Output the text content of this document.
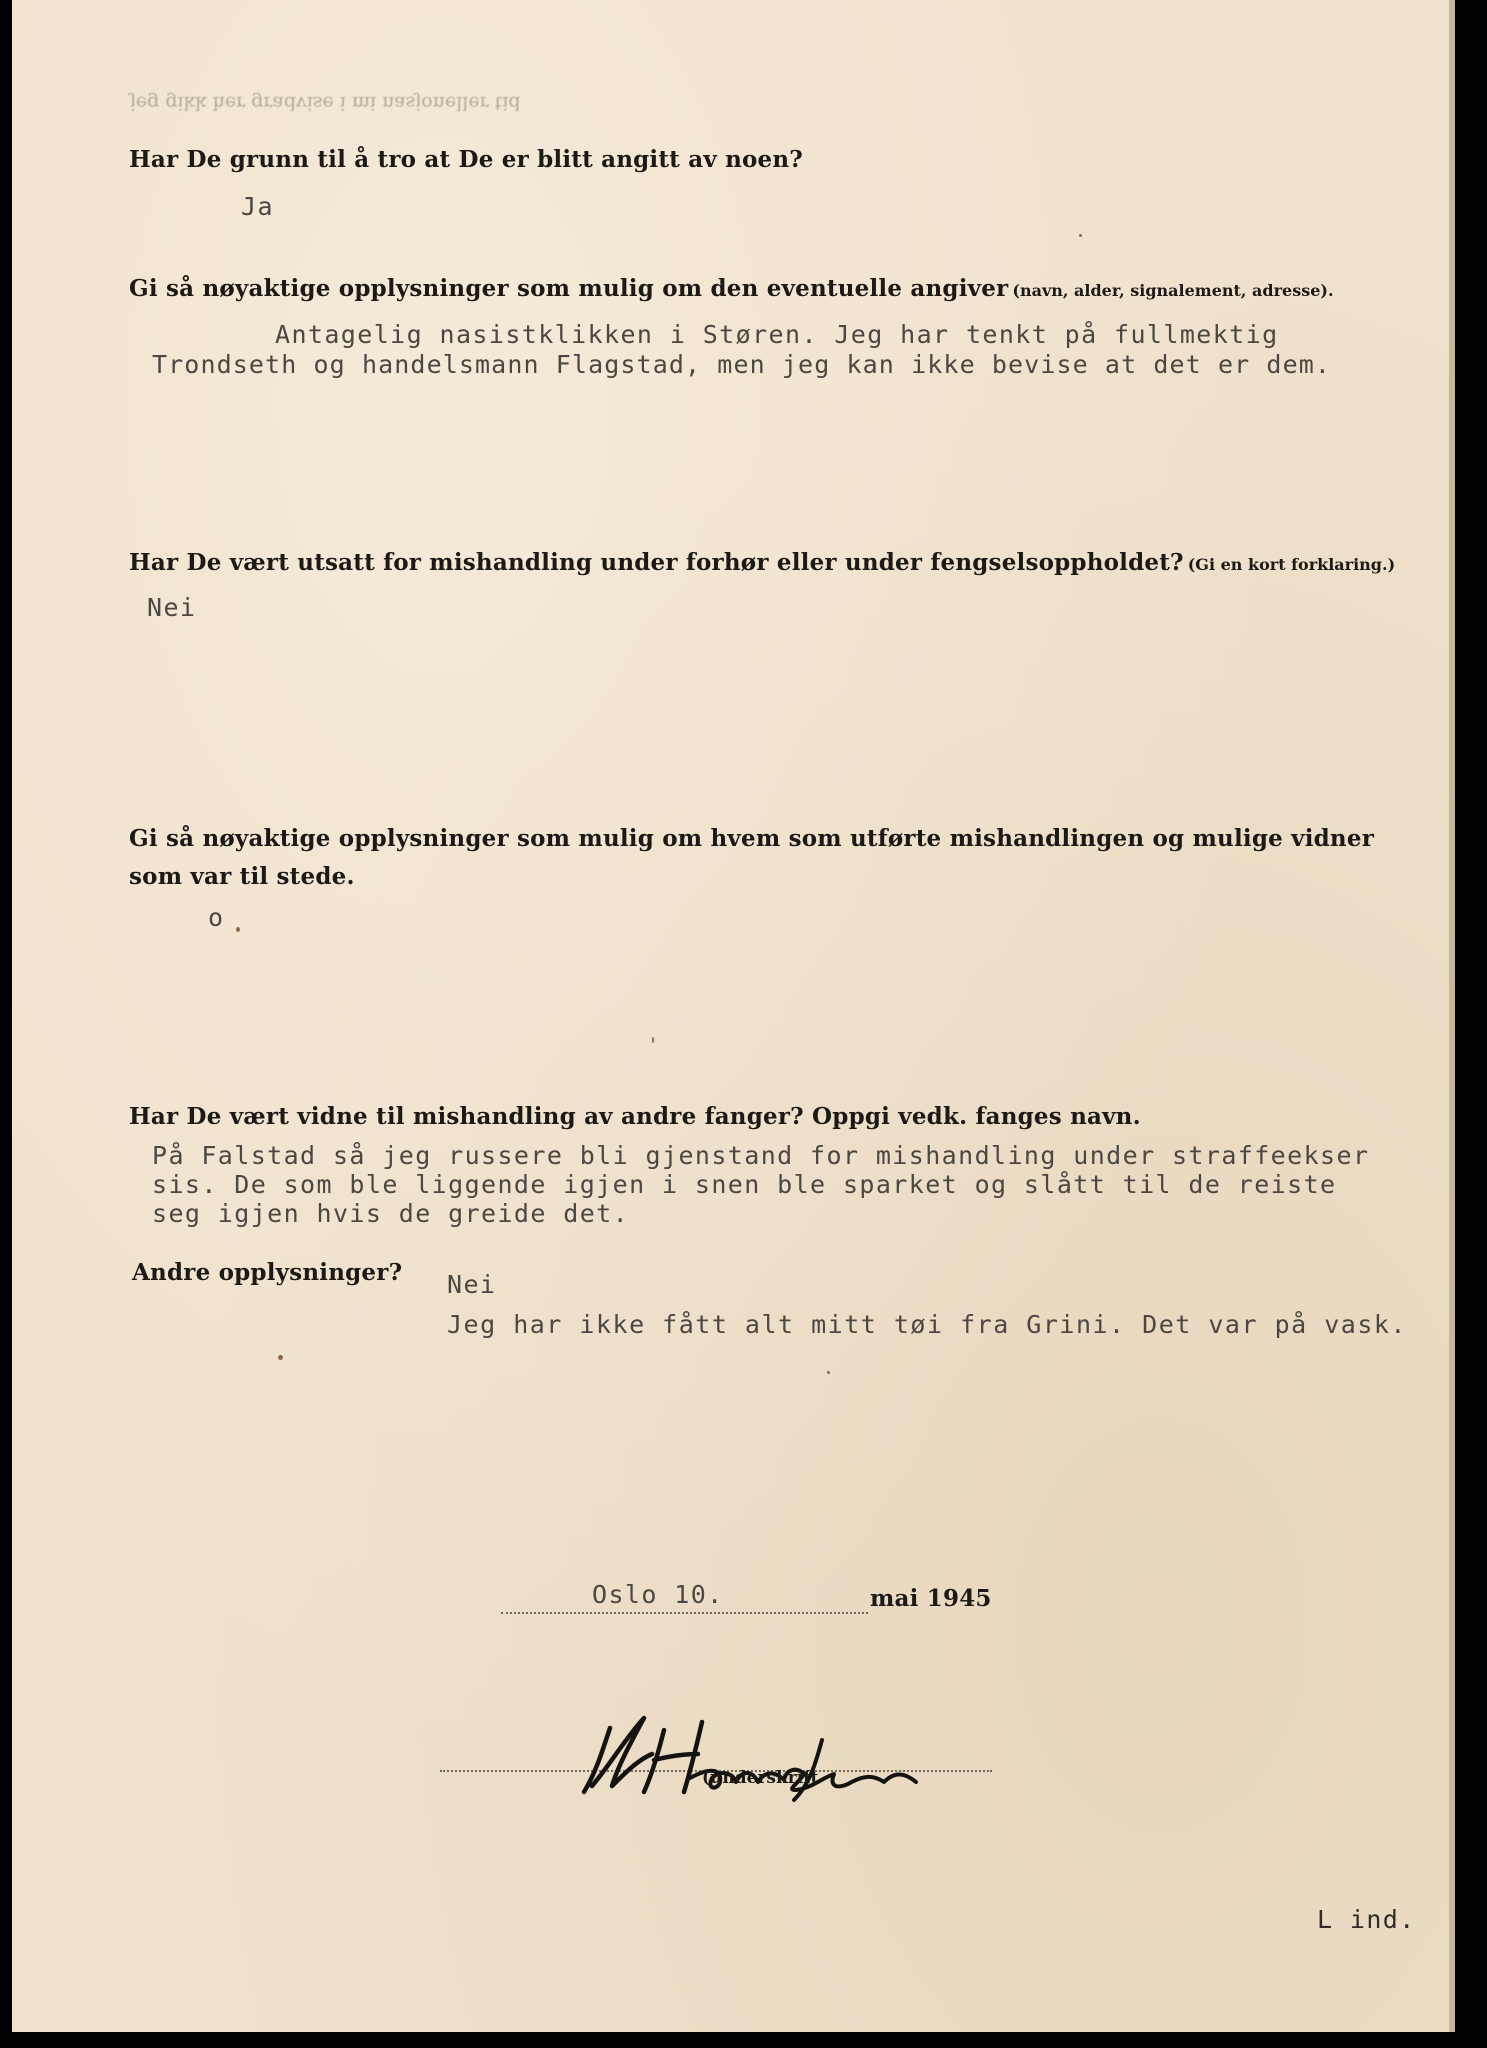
jeg gikk her gradvise i mi nasjoneller tid
Har De grunn til å tro at De er blitt angitt av noen?
Ja
Gi så nøyaktige opplysninger som mulig om den eventuelle angiver (navn, alder, signalement, adresse).
Antagelig nasistklikken i Støren. Jeg har tenkt på fullmektig
Trondseth og handelsmann Flagstad, men jeg kan ikke bevise at det er dem.
Har De vært utsatt for mishandling under forhør eller under fengselsoppholdet? (Gi en kort forklaring.)
Nei
Gi så nøyaktige opplysninger som mulig om hvem som utførte mishandlingen og mulige vidner
som var til stede.
o
Har De vært vidne til mishandling av andre fanger? Oppgi vedk. fanges navn.
På Falstad så jeg russere bli gjenstand for mishandling under straffeekser
sis. De som ble liggende igjen i snen ble sparket og slått til de reiste
seg igjen hvis de greide det.
Andre opplysninger? Nei
Jeg har ikke fått alt mitt tøi fra Grini. Det var på vask.
Oslo 10.	mai 1945
(underskrift
L ind.
